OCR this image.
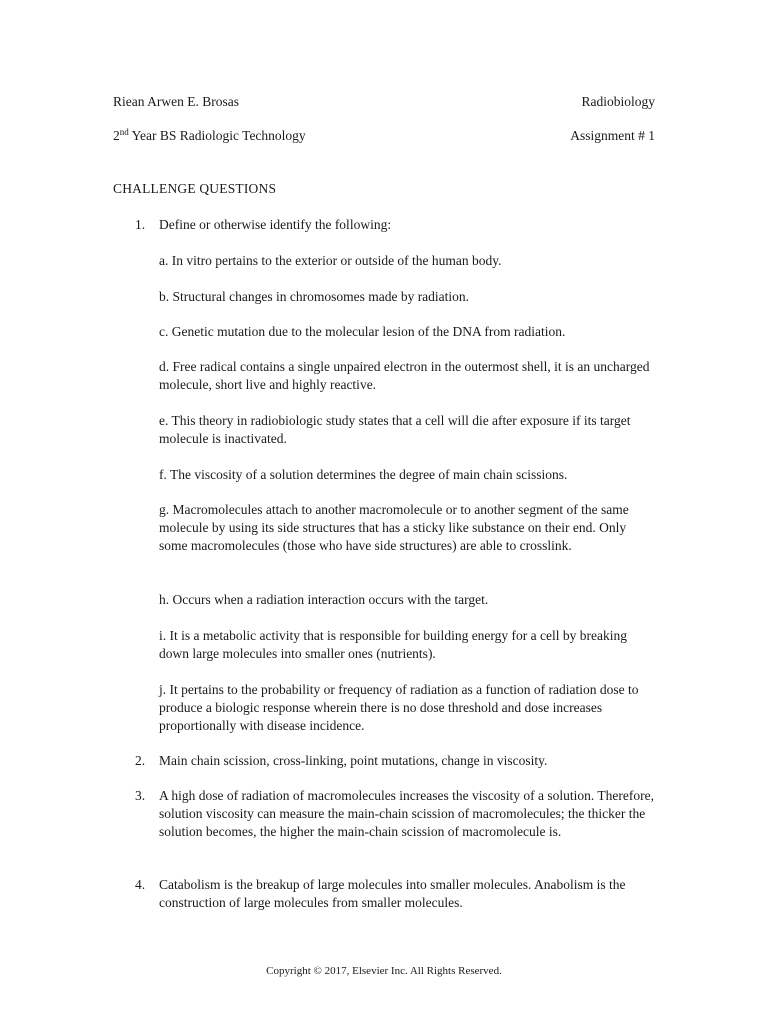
Riean Arwen E. Brosas	Radiobiology
2nd Year BS Radiologic Technology	Assignment # 1
CHALLENGE QUESTIONS
1. Define or otherwise identify the following:
a. In vitro pertains to the exterior or outside of the human body.
b. Structural changes in chromosomes made by radiation.
c. Genetic mutation due to the molecular lesion of the DNA from radiation.
d. Free radical contains a single unpaired electron in the outermost shell, it is an uncharged molecule, short live and highly reactive.
e. This theory in radiobiologic study states that a cell will die after exposure if its target molecule is inactivated.
f. The viscosity of a solution determines the degree of main chain scissions.
g. Macromolecules attach to another macromolecule or to another segment of the same molecule by using its side structures that has a sticky like substance on their end. Only some macromolecules (those who have side structures) are able to crosslink.
h. Occurs when a radiation interaction occurs with the target.
i. It is a metabolic activity that is responsible for building energy for a cell by breaking down large molecules into smaller ones (nutrients).
j. It pertains to the probability or frequency of radiation as a function of radiation dose to produce a biologic response wherein there is no dose threshold and dose increases proportionally with disease incidence.
2. Main chain scission, cross-linking, point mutations, change in viscosity.
3. A high dose of radiation of macromolecules increases the viscosity of a solution. Therefore, solution viscosity can measure the main-chain scission of macromolecules; the thicker the solution becomes, the higher the main-chain scission of macromolecule is.
4. Catabolism is the breakup of large molecules into smaller molecules. Anabolism is the construction of large molecules from smaller molecules.
Copyright © 2017, Elsevier Inc. All Rights Reserved.
